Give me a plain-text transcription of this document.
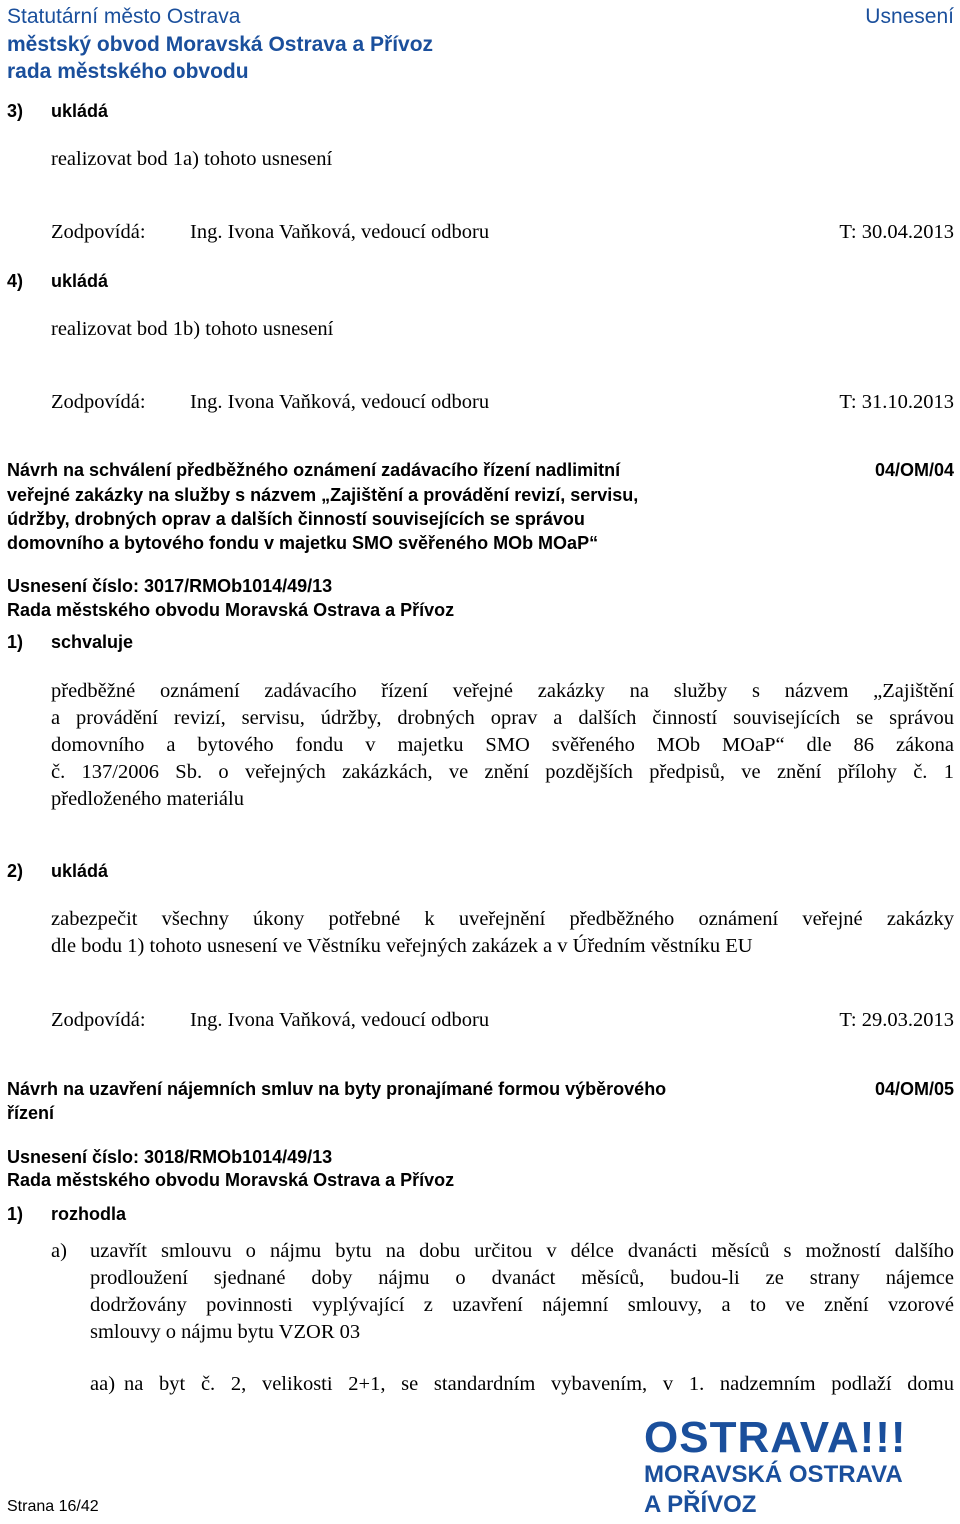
Statutární město Ostrava	Usnesení
městský obvod Moravská Ostrava a Přívoz
rada městského obvodu
3) ukládá
realizovat bod 1a) tohoto usnesení
Zodpovídá: Ing. Ivona Vaňková, vedoucí odboru	T: 30.04.2013
4) ukládá
realizovat bod 1b) tohoto usnesení
Zodpovídá: Ing. Ivona Vaňková, vedoucí odboru	T: 31.10.2013
Návrh na schválení předběžného oznámení zadávacího řízení nadlimitní
veřejné zakázky na služby s názvem „Zajištění a provádění revizí, servisu,
údržby, drobných oprav a dalších činností souvisejících se správou
domovního a bytového fondu v majetku SMO svěřeného MOb MOaP“
04/OM/04
Usnesení číslo: 3017/RMOb1014/49/13
Rada městského obvodu Moravská Ostrava a Přívoz
1) schvaluje
předběžné oznámení zadávacího řízení veřejné zakázky na služby s názvem „Zajištění
a provádění revizí, servisu, údržby, drobných oprav a dalších činností souvisejících se správou
domovního a bytového fondu v majetku SMO svěřeného MOb MOaP“ dle 86 zákona
č. 137/2006 Sb. o veřejných zakázkách, ve znění pozdějších předpisů, ve znění přílohy č. 1
předloženého materiálu
2) ukládá
zabezpečit všechny úkony potřebné k uveřejnění předběžného oznámení veřejné zakázky
dle bodu 1) tohoto usnesení ve Věstníku veřejných zakázek a v Úředním věstníku EU
Zodpovídá: Ing. Ivona Vaňková, vedoucí odboru	T: 29.03.2013
Návrh na uzavření nájemních smluv na byty pronajímané formou výběrového
řízení
04/OM/05
Usnesení číslo: 3018/RMOb1014/49/13
Rada městského obvodu Moravská Ostrava a Přívoz
1) rozhodla
a) uzavřít smlouvu o nájmu bytu na dobu určitou v délce dvanácti měsíců s možností dalšího
prodloužení sjednané doby nájmu o dvanáct měsíců, budou-li ze strany nájemce
dodržovány povinnosti vyplývající z uzavření nájemní smlouvy, a to ve znění vzorové
smlouvy o nájmu bytu VZOR 03
aa) na byt č. 2, velikosti 2+1, se standardním vybavením, v 1. nadzemním podlaží domu
Strana 16/42
OSTRAVA!!!
MORAVSKÁ OSTRAVA
A PŘÍVOZ
